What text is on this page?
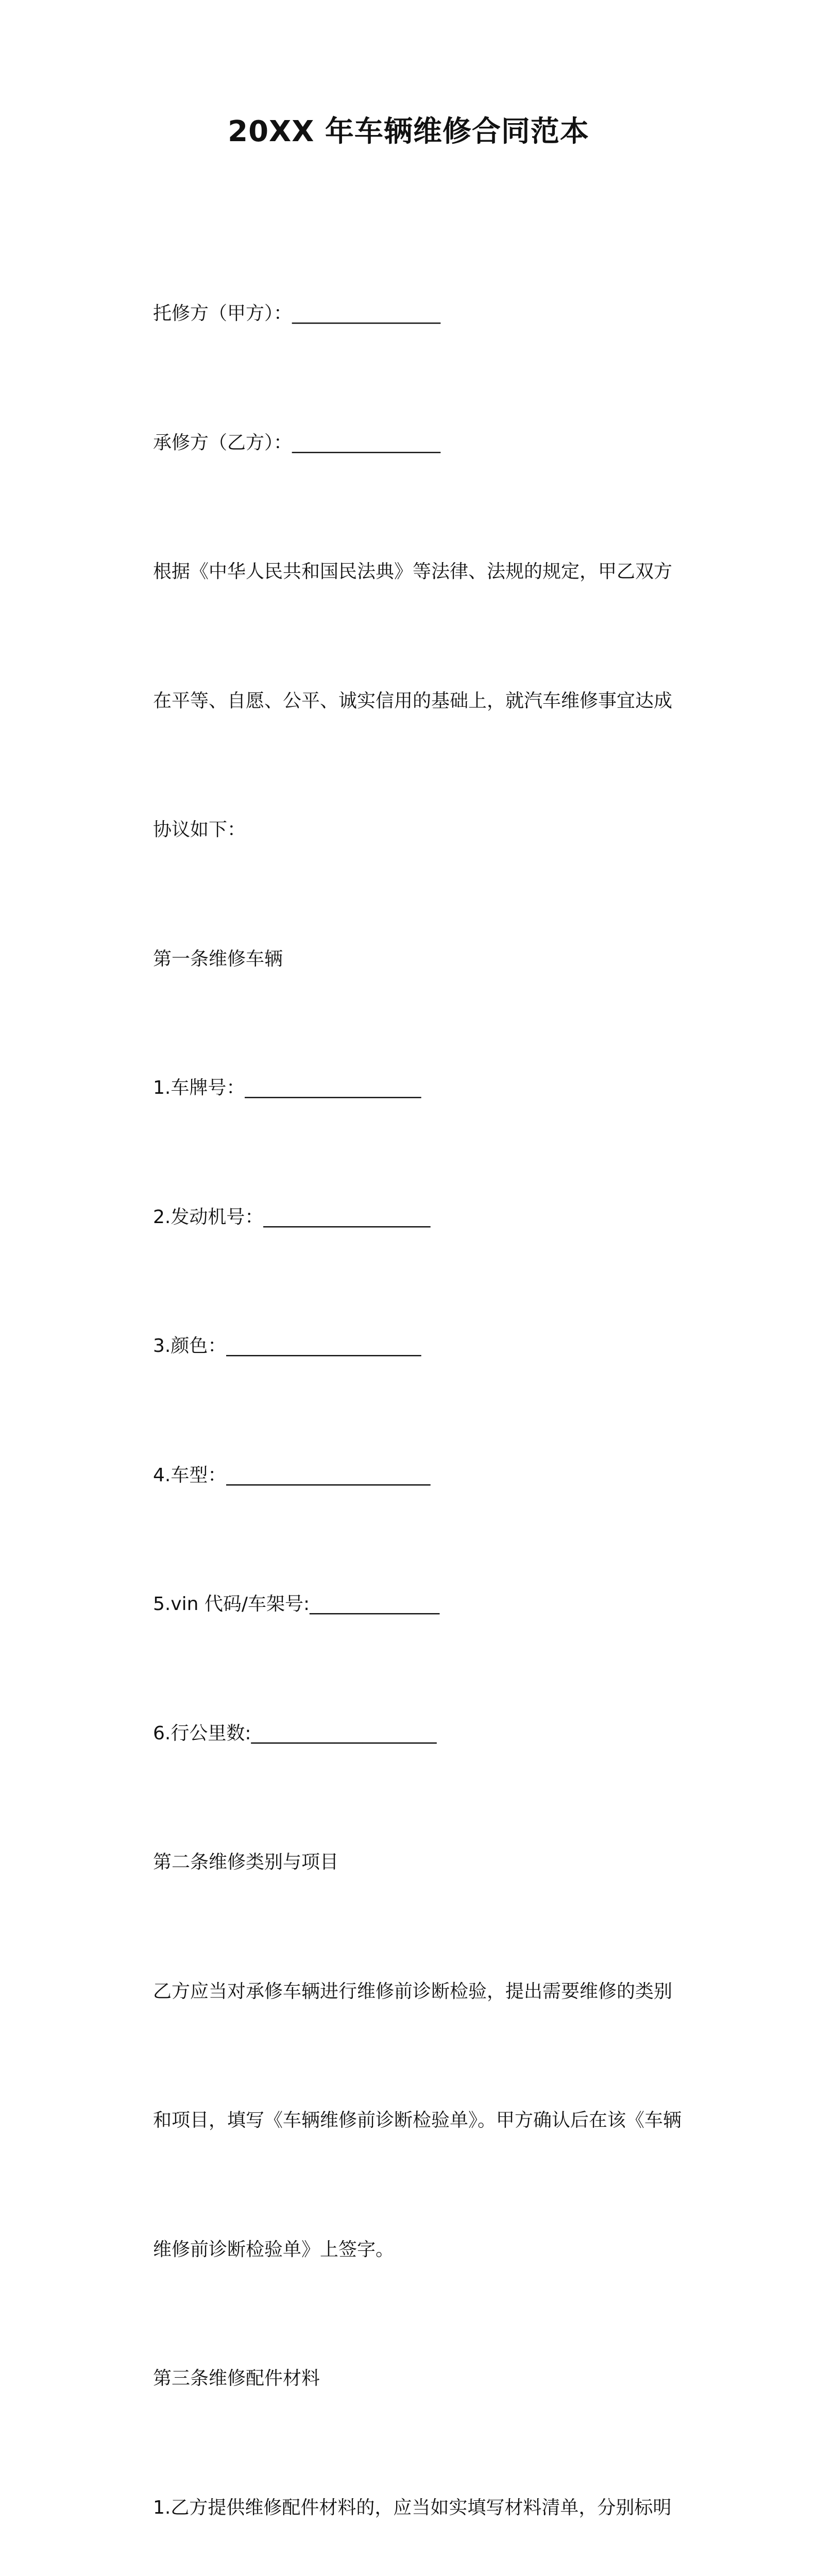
20XX 年车辆维修合同范本

托修方（甲方）：________________

承修方（乙方）：________________

根据《中华人民共和国民法典》等法律、法规的规定，甲乙双方

在平等、自愿、公平、诚实信用的基础上，就汽车维修事宜达成

协议如下：

第一条维修车辆

1.车牌号：___________________

2.发动机号：__________________

3.颜色：_____________________

4.车型：______________________

5.vin 代码/车架号:______________

6.行公里数:____________________

第二条维修类别与项目

乙方应当对承修车辆进行维修前诊断检验，提出需要维修的类别

和项目，填写《车辆维修前诊断检验单》。甲方确认后在该《车辆

维修前诊断检验单》上签字。

第三条维修配件材料

1.乙方提供维修配件材料的，应当如实填写材料清单，分别标明
